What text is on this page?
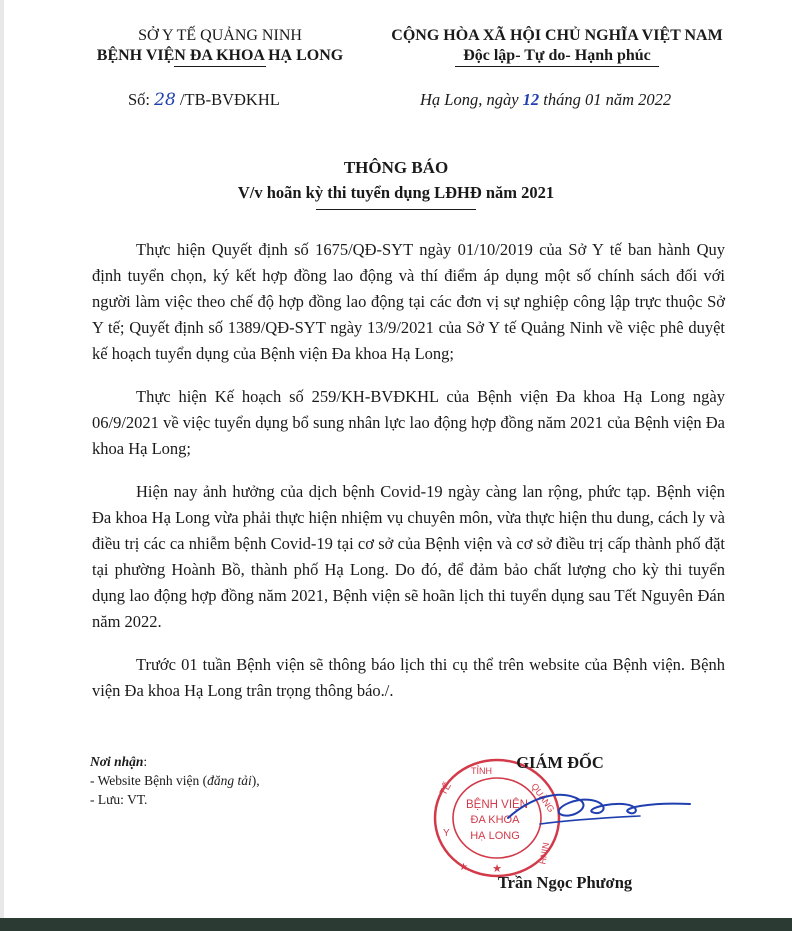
SỞ Y TẾ QUẢNG NINH
BỆNH VIỆN ĐA KHOA HẠ LONG
CỘNG HÒA XÃ HỘI CHỦ NGHĨA VIỆT NAM
Độc lập- Tự do- Hạnh phúc
Số: 28 /TB-BVĐKHL	Hạ Long, ngày 12 tháng 01 năm 2022
THÔNG BÁO
V/v hoãn kỳ thi tuyển dụng LĐHĐ năm 2021

Thực hiện Quyết định số 1675/QĐ-SYT ngày 01/10/2019 của Sở Y tế ban hành Quy định tuyển chọn, ký kết hợp đồng lao động và thí điểm áp dụng một số chính sách đối với người làm việc theo chế độ hợp đồng lao động tại các đơn vị sự nghiệp công lập trực thuộc Sở Y tế; Quyết định số 1389/QĐ-SYT ngày 13/9/2021 của Sở Y tế Quảng Ninh về việc phê duyệt kế hoạch tuyển dụng của Bệnh viện Đa khoa Hạ Long;

Thực hiện Kế hoạch số 259/KH-BVĐKHL của Bệnh viện Đa khoa Hạ Long ngày 06/9/2021 về việc tuyển dụng bổ sung nhân lực lao động hợp đồng năm 2021 của Bệnh viện Đa khoa Hạ Long;

Hiện nay ảnh hưởng của dịch bệnh Covid-19 ngày càng lan rộng, phức tạp. Bệnh viện Đa khoa Hạ Long vừa phải thực hiện nhiệm vụ chuyên môn, vừa thực hiện thu dung, cách ly và điều trị các ca nhiễm bệnh Covid-19 tại cơ sở của Bệnh viện và cơ sở điều trị cấp thành phố đặt tại phường Hoành Bồ, thành phố Hạ Long. Do đó, để đảm bảo chất lượng cho kỳ thi tuyển dụng lao động hợp đồng năm 2021, Bệnh viện sẽ hoãn lịch thi tuyển dụng sau Tết Nguyên Đán năm 2022.

Trước 01 tuần Bệnh viện sẽ thông báo lịch thi cụ thể trên website của Bệnh viện. Bệnh viện Đa khoa Hạ Long trân trọng thông báo./.

Nơi nhận:
- Website Bệnh viện (đăng tải),
- Lưu: VT.
TỈNH
QUẢNG
NINH
TẾ
Y
★ ★
BỆNH VIỆN
ĐA KHOA
HẠ LONG
GIÁM ĐỐC
Trần Ngọc Phương
